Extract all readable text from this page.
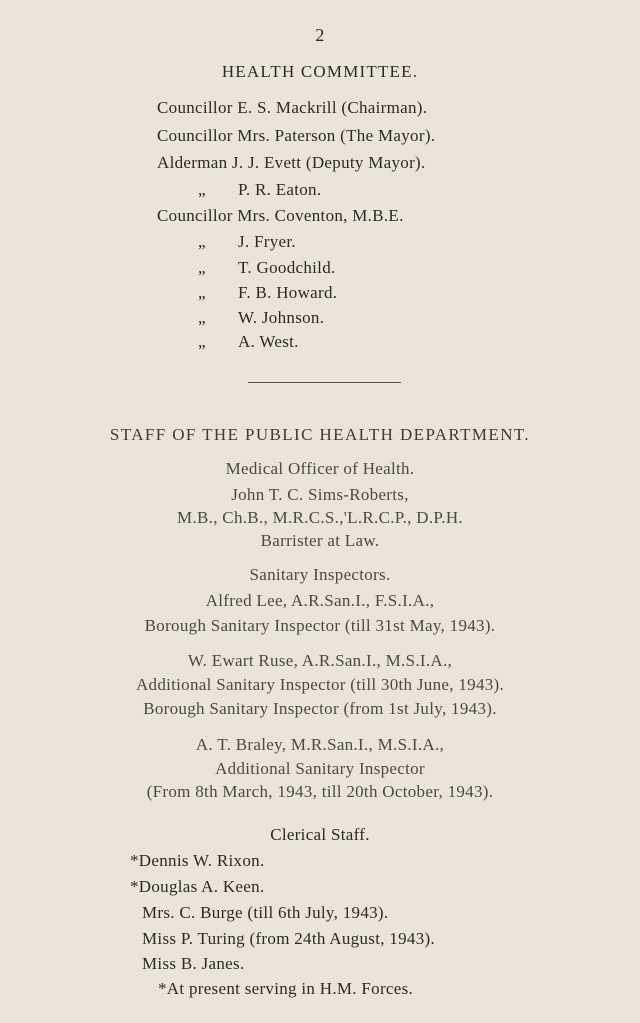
2
HEALTH COMMITTEE.
Councillor E. S. Mackrill (Chairman).
Councillor Mrs. Paterson (The Mayor).
Alderman J. J. Evett (Deputy Mayor).
„ P. R. Eaton.
Councillor Mrs. Coventon, M.B.E.
„ J. Fryer.
„ T. Goodchild.
„ F. B. Howard.
„ W. Johnson.
„ A. West.
STAFF OF THE PUBLIC HEALTH DEPARTMENT.
Medical Officer of Health.
John T. C. Sims-Roberts,
M.B., Ch.B., M.R.C.S.,'L.R.C.P., D.P.H.
Barrister at Law.
Sanitary Inspectors.
Alfred Lee, A.R.San.I., F.S.I.A.,
Borough Sanitary Inspector (till 31st May, 1943).
W. Ewart Ruse, A.R.San.I., M.S.I.A.,
Additional Sanitary Inspector (till 30th June, 1943).
Borough Sanitary Inspector (from 1st July, 1943).
A. T. Braley, M.R.San.I., M.S.I.A.,
Additional Sanitary Inspector
(From 8th March, 1943, till 20th October, 1943).
Clerical Staff.
*Dennis W. Rixon.
*Douglas A. Keen.
Mrs. C. Burge (till 6th July, 1943).
Miss P. Turing (from 24th August, 1943).
Miss B. Janes.
*At present serving in H.M. Forces.
